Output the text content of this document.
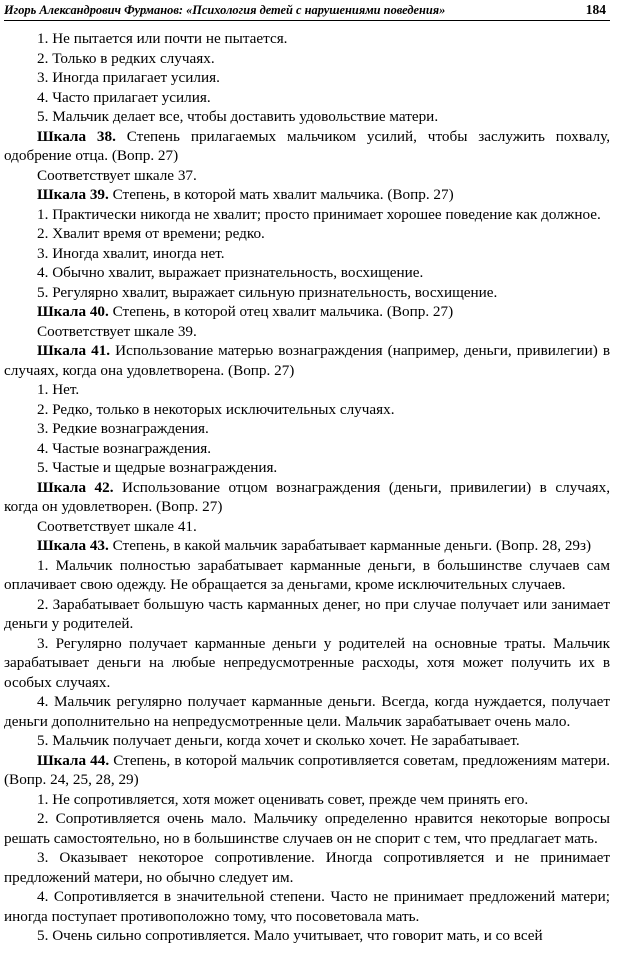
Игорь Александрович Фурманов: «Психология детей с нарушениями поведения»	184

1. Не пытается или почти не пытается.

2. Только в редких случаях.

3. Иногда прилагает усилия.

4. Часто прилагает усилия.

5. Мальчик делает все, чтобы доставить удовольствие матери.

Шкала 38. Степень прилагаемых мальчиком усилий, чтобы заслужить похвалу, одобрение отца. (Вопр. 27)

Соответствует шкале 37.

Шкала 39. Степень, в которой мать хвалит мальчика. (Вопр. 27)

1. Практически никогда не хвалит; просто принимает хорошее поведение как должное.

2. Хвалит время от времени; редко.

3. Иногда хвалит, иногда нет.

4. Обычно хвалит, выражает признательность, восхищение.

5. Регулярно хвалит, выражает сильную признательность, восхищение.

Шкала 40. Степень, в которой отец хвалит мальчика. (Вопр. 27)

Соответствует шкале 39.

Шкала 41. Использование матерью вознаграждения (например, деньги, привилегии) в случаях, когда она удовлетворена. (Вопр. 27)

1. Нет.

2. Редко, только в некоторых исключительных случаях.

3. Редкие вознаграждения.

4. Частые вознаграждения.

5. Частые и щедрые вознаграждения.

Шкала 42. Использование отцом вознаграждения (деньги, привилегии) в случаях, когда он удовлетворен. (Вопр. 27)

Соответствует шкале 41.

Шкала 43. Степень, в какой мальчик зарабатывает карманные деньги. (Вопр. 28, 29з)

1. Мальчик полностью зарабатывает карманные деньги, в большинстве случаев сам оплачивает свою одежду. Не обращается за деньгами, кроме исключительных случаев.

2. Зарабатывает большую часть карманных денег, но при случае получает или занимает деньги у родителей.

3. Регулярно получает карманные деньги у родителей на основные траты. Мальчик зарабатывает деньги на любые непредусмотренные расходы, хотя может получить их в особых случаях.

4. Мальчик регулярно получает карманные деньги. Всегда, когда нуждается, получает деньги дополнительно на непредусмотренные цели. Мальчик зарабатывает очень мало.

5. Мальчик получает деньги, когда хочет и сколько хочет. Не зарабатывает.

Шкала 44. Степень, в которой мальчик сопротивляется советам, предложениям матери. (Вопр. 24, 25, 28, 29)

1. Не сопротивляется, хотя может оценивать совет, прежде чем принять его.

2. Сопротивляется очень мало. Мальчику определенно нравится некоторые вопросы решать самостоятельно, но в большинстве случаев он не спорит с тем, что предлагает мать.

3. Оказывает некоторое сопротивление. Иногда сопротивляется и не принимает предложений матери, но обычно следует им.

4. Сопротивляется в значительной степени. Часто не принимает предложений матери; иногда поступает противоположно тому, что посоветовала мать.

5. Очень сильно сопротивляется. Мало учитывает, что говорит мать, и со всей
